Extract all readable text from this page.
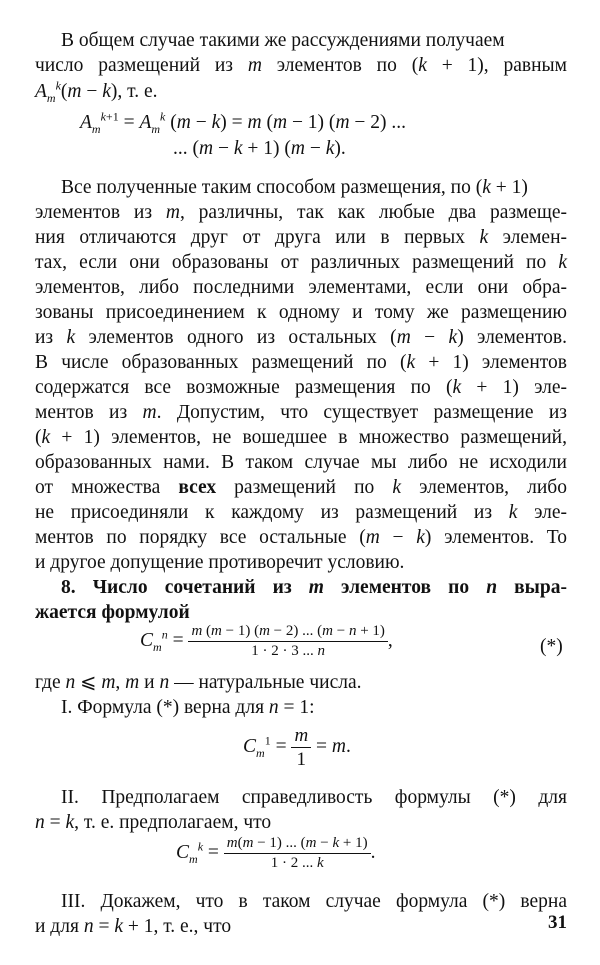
В общем случае такими же рассуждениями получаем
число размещений из m элементов по (k + 1), равным
$A_m^k(m - k)$, т. е.
$A_m^{k+1} = A_m^k$ (m − k) = m (m − 1) (m − 2) ...
... (m − k + 1) (m − k).
Все полученные таким способом размещения, по (k + 1)
элементов из m, различны, так как любые два размеще-
ния отличаются друг от друга или в первых k элемен-
тах, если они образованы от различных размещений по k
элементов, либо последними элементами, если они обра-
зованы присоединением к одному и тому же размещению
из k элементов одного из остальных (m − k) элементов.
В числе образованных размещений по (k + 1) элементов
содержатся все возможные размещения по (k + 1) эле-
ментов из m. Допустим, что существует размещение из
(k + 1) элементов, не вошедшее в множество размещений,
образованных нами. В таком случае мы либо не исходили
от множества всех размещений по k элементов, либо
не присоединяли к каждому из размещений из k эле-
ментов по порядку все остальные (m − k) элементов. То
и другое допущение противоречит условию.
8. Число сочетаний из m элементов по n выра-
жается формулой
$C_m^n = \frac{m (m - 1) (m - 2) ... (m - n + 1)}{1 \cdot 2 \cdot 3 ... n}$ ,	(*)
где n ⩽ m, m и n — натуральные числа.
I. Формула (*) верна для n = 1:
$C_m^1 = \frac{m}{1} = m$.
II. Предполагаем справедливость формулы (*) для
n = k, т. е. предполагаем, что
$C_m^k = \frac{m(m - 1) ... (m - k + 1)}{1 \cdot 2 ... k}$ .
III. Докажем, что в таком случае формула (*) верна
и для n = k + 1, т. е., что	31
